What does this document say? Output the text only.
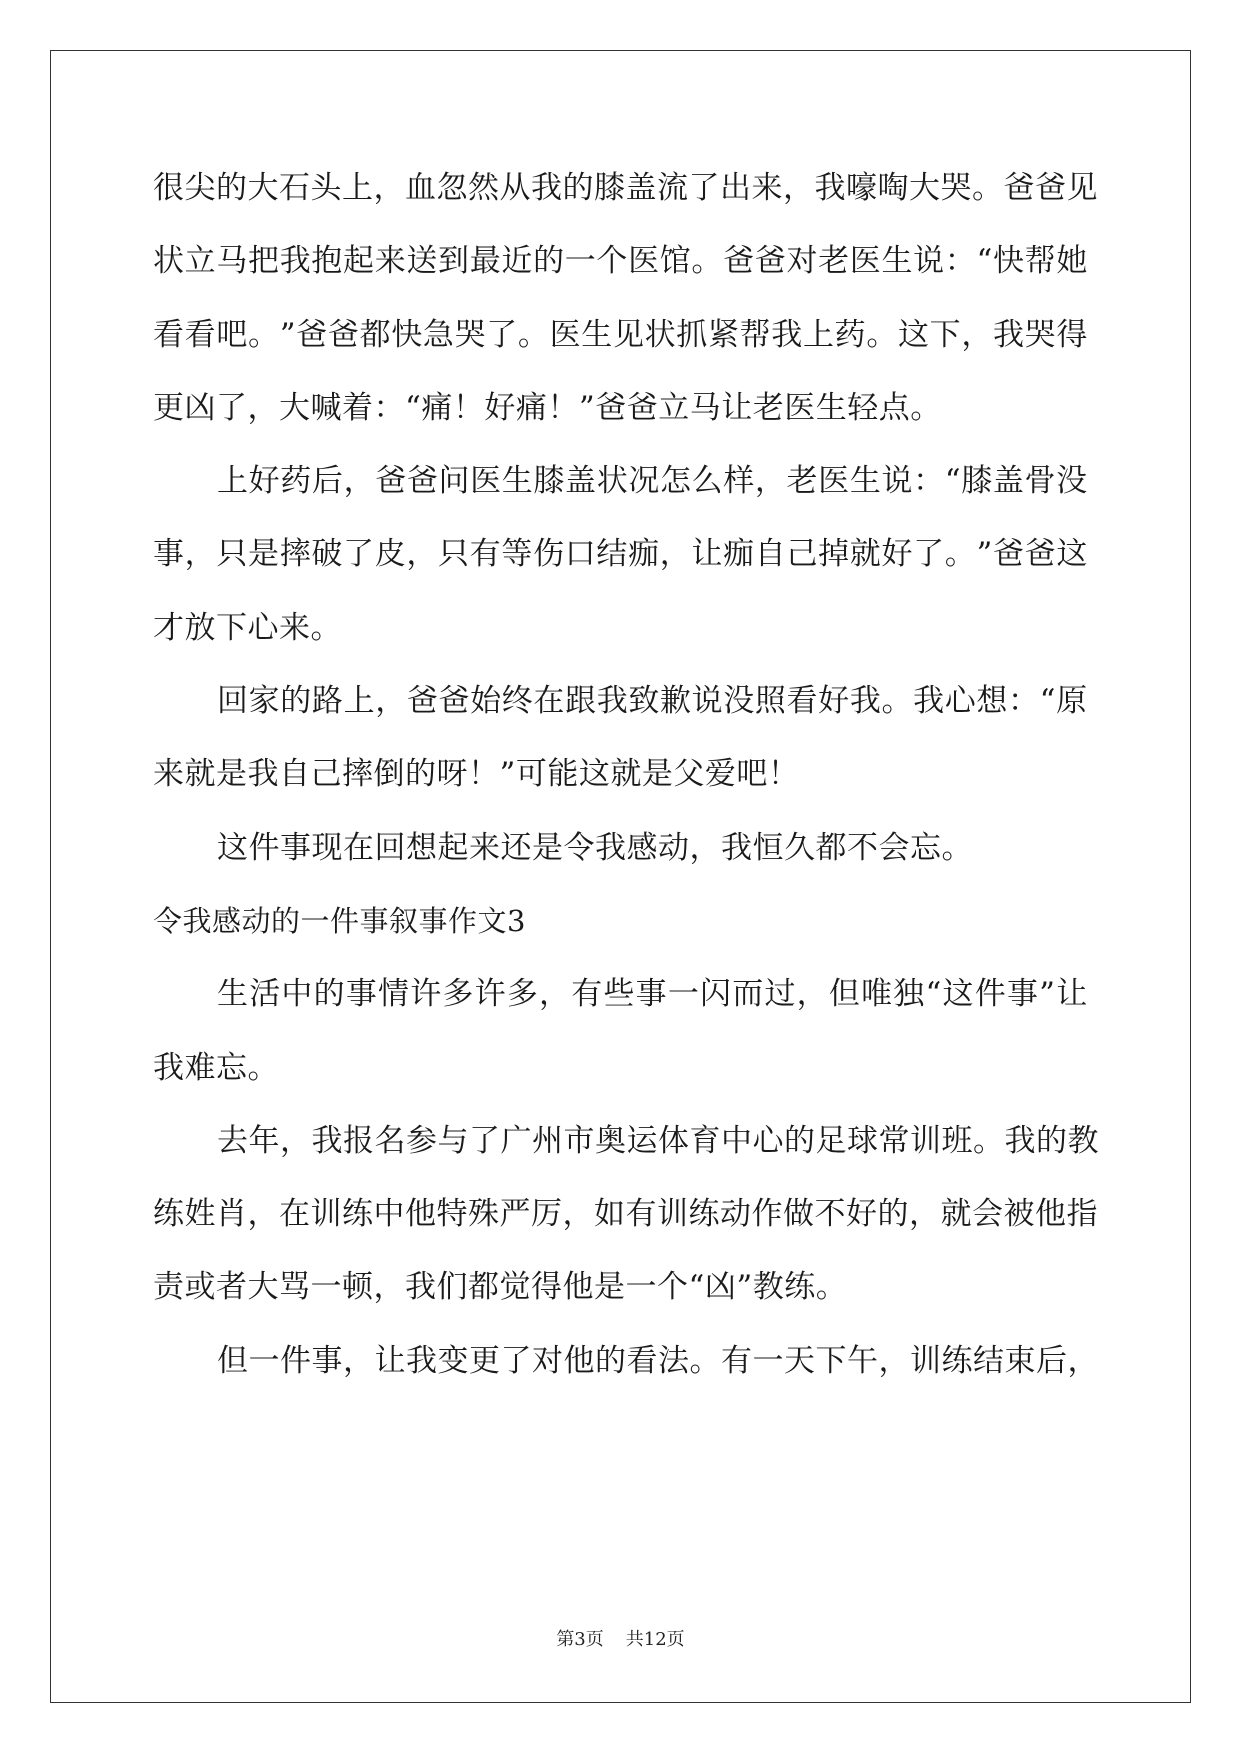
很 尖 的 大 石 头 上 ， 血 忽 然 从 我 的 膝 盖 流 了 出 来 ， 我 嚎 啕 大 哭 。 爸 爸 见
状 立 马 把 我 抱 起 来 送 到 最 近 的 一 个 医 馆 。 爸 爸 对 老 医 生 说 ： “ 快 帮 她
看 看 吧 。 ” 爸 爸 都 快 急 哭 了 。 医 生 见 状 抓 紧 帮 我 上 药 。 这 下 ， 我 哭 得
更凶了，大喊着：“痛！好痛！”爸爸立马让老医生轻点。
上 好 药 后 ， 爸 爸 问 医 生 膝 盖 状 况 怎 么 样 ， 老 医 生 说 ： “ 膝 盖 骨 没
事 ， 只 是 摔 破 了 皮 ， 只 有 等 伤 口 结 痂 ， 让 痂 自 己 掉 就 好 了 。 ” 爸 爸 这
才放下心来。
回 家 的 路 上 ， 爸 爸 始 终 在 跟 我 致 歉 说 没 照 看 好 我 。 我 心 想 ： “ 原
来就是我自己摔倒的呀！”可能这就是父爱吧！
这件事现在回想起来还是令我感动，我恒久都不会忘。
令我感动的一件事叙事作文3
生 活 中 的 事 情 许 多 许 多 ， 有 些 事 一 闪 而 过 ， 但 唯 独 “ 这 件 事 ” 让
我难忘。
去 年 ， 我 报 名 参 与 了 广 州 市 奥 运 体 育 中 心 的 足 球 常 训 班 。 我 的 教
练 姓 肖 ， 在 训 练 中 他 特 殊 严 厉 ， 如 有 训 练 动 作 做 不 好 的 ， 就 会 被 他 指
责或者大骂一顿，我们都觉得他是一个“凶”教练。
但 一 件 事 ， 让 我 变 更 了 对 他 的 看 法 。 有 一 天 下 午 ， 训 练 结 束 后 ，
第3页 共12页
